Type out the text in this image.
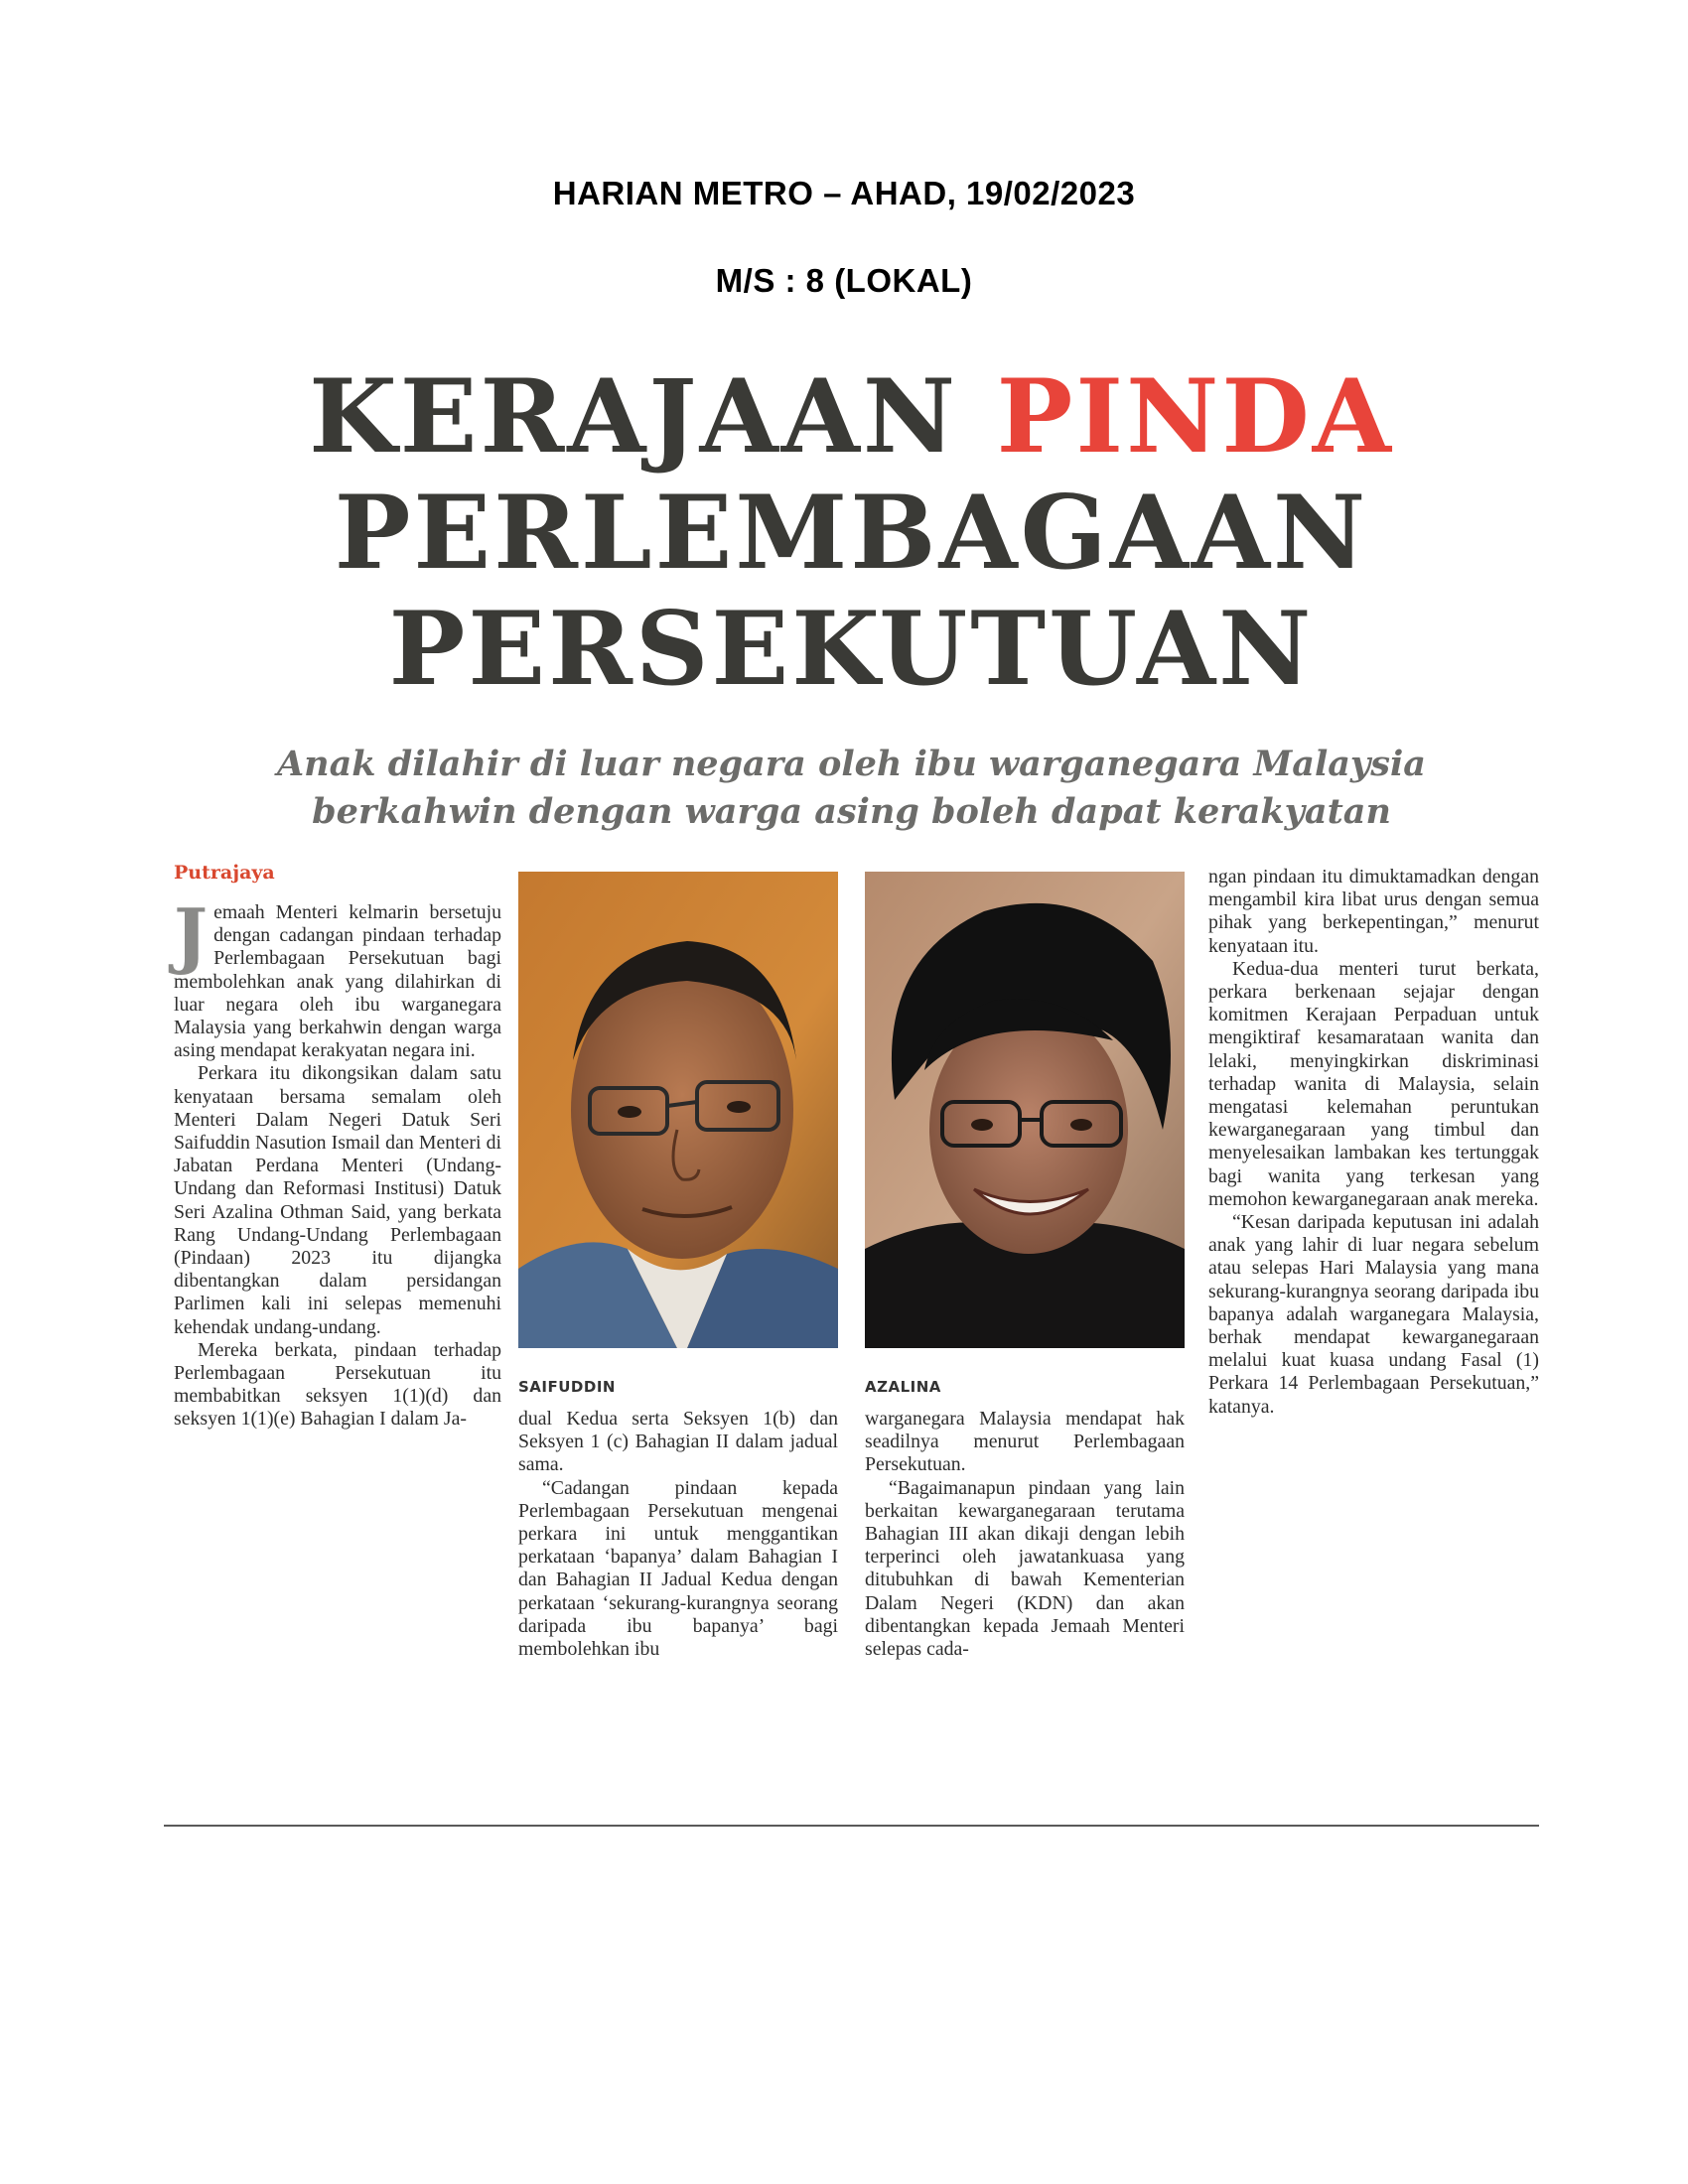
HARIAN METRO – AHAD, 19/02/2023
M/S : 8 (LOKAL)
KERAJAAN PINDA
PERLEMBAGAAN
PERSEKUTUAN
Anak dilahir di luar negara oleh ibu warganegara Malaysia
berkahwin dengan warga asing boleh dapat kerakyatan
Putrajaya

Jemaah Menteri kelmarin bersetuju dengan cadangan pindaan terhadap Perlembagaan Persekutuan bagi membolehkan anak yang dilahirkan di luar negara oleh ibu warganegara Malaysia yang berkahwin dengan warga asing mendapat kerakyatan negara ini.

Perkara itu dikongsikan dalam satu kenyataan bersama semalam oleh Menteri Dalam Negeri Datuk Seri Saifuddin Nasution Ismail dan Menteri di Jabatan Perdana Menteri (Undang-Undang dan Reformasi Institusi) Datuk Seri Azalina Othman Said, yang berkata Rang Undang-Undang Perlembagaan (Pindaan) 2023 itu dijangka dibentangkan dalam persidangan Parlimen kali ini selepas memenuhi kehendak undang-undang.

Mereka berkata, pindaan terhadap Perlembagaan Persekutuan itu membabitkan seksyen 1(1)(d) dan seksyen 1(1)(e) Bahagian I dalam Ja-

SAIFUDDIN	AZALINA

dual Kedua serta Seksyen 1(b) dan Seksyen 1 (c) Bahagian II dalam jadual sama.

“Cadangan pindaan kepada Perlembagaan Persekutuan mengenai perkara ini untuk menggantikan perkataan ‘bapanya’ dalam Bahagian I dan Bahagian II Jadual Kedua dengan perkataan ‘sekurang-kurangnya seorang daripada ibu bapanya’ bagi membolehkan ibu

warganegara Malaysia mendapat hak seadilnya menurut Perlembagaan Persekutuan.

“Bagaimanapun pindaan yang lain berkaitan kewarganegaraan terutama Bahagian III akan dikaji dengan lebih terperinci oleh jawatankuasa yang ditubuhkan di bawah Kementerian Dalam Negeri (KDN) dan akan dibentangkan kepada Jemaah Menteri selepas cada-

ngan pindaan itu dimuktamadkan dengan mengambil kira libat urus dengan semua pihak yang berkepentingan,” menurut kenyataan itu.

Kedua-dua menteri turut berkata, perkara berkenaan sejajar dengan komitmen Kerajaan Perpaduan untuk mengiktiraf kesamarataan wanita dan lelaki, menyingkirkan diskriminasi terhadap wanita di Malaysia, selain mengatasi kelemahan peruntukan kewarganegaraan yang timbul dan menyelesaikan lambakan kes tertunggak bagi wanita yang terkesan yang memohon kewarganegaraan anak mereka.

“Kesan daripada keputusan ini adalah anak yang lahir di luar negara sebelum atau selepas Hari Malaysia yang mana sekurang-kurangnya seorang daripada ibu bapanya adalah warganegara Malaysia, berhak mendapat kewarganegaraan melalui kuat kuasa undang Fasal (1) Perkara 14 Perlembagaan Persekutuan,” katanya.
